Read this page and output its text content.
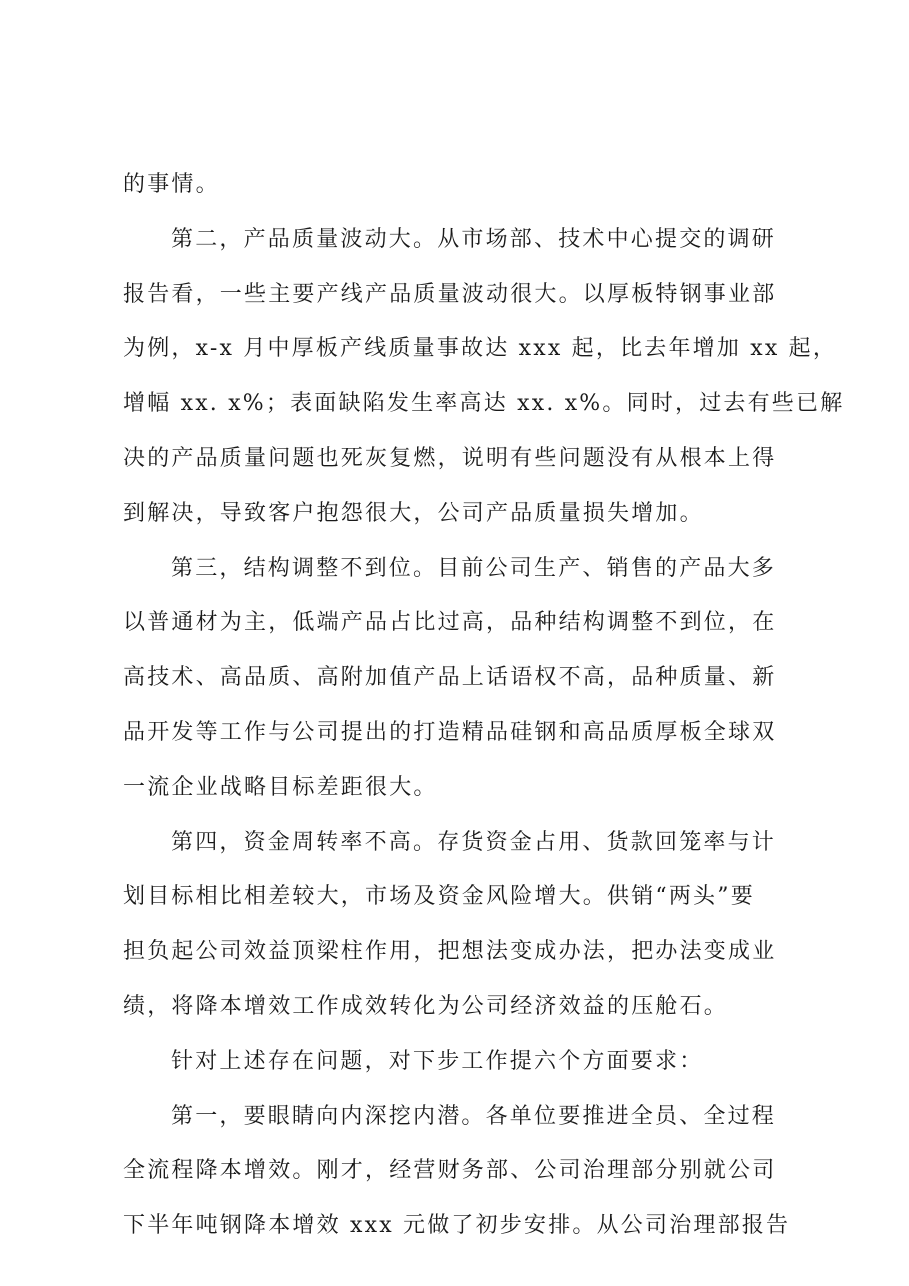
的事情。
第二，产品质量波动大。从市场部、技术中心提交的调研
报告看，一些主要产线产品质量波动很大。以厚板特钢事业部
为例，x-x 月中厚板产线质量事故达 xxx 起，比去年增加 xx 起，
增幅 xx. x%；表面缺陷发生率高达 xx. x%。同时，过去有些已解
决的产品质量问题也死灰复燃，说明有些问题没有从根本上得
到解决，导致客户抱怨很大，公司产品质量损失增加。
第三，结构调整不到位。目前公司生产、销售的产品大多
以普通材为主，低端产品占比过高，品种结构调整不到位，在
高技术、高品质、高附加值产品上话语权不高，品种质量、新
品开发等工作与公司提出的打造精品硅钢和高品质厚板全球双
一流企业战略目标差距很大。
第四，资金周转率不高。存货资金占用、货款回笼率与计
划目标相比相差较大，市场及资金风险增大。供销“两头”要
担负起公司效益顶梁柱作用，把想法变成办法，把办法变成业
绩，将降本增效工作成效转化为公司经济效益的压舱石。
针对上述存在问题，对下步工作提六个方面要求：
第一，要眼睛向内深挖内潜。各单位要推进全员、全过程
全流程降本增效。刚才，经营财务部、公司治理部分别就公司
下半年吨钢降本增效 xxx 元做了初步安排。从公司治理部报告
